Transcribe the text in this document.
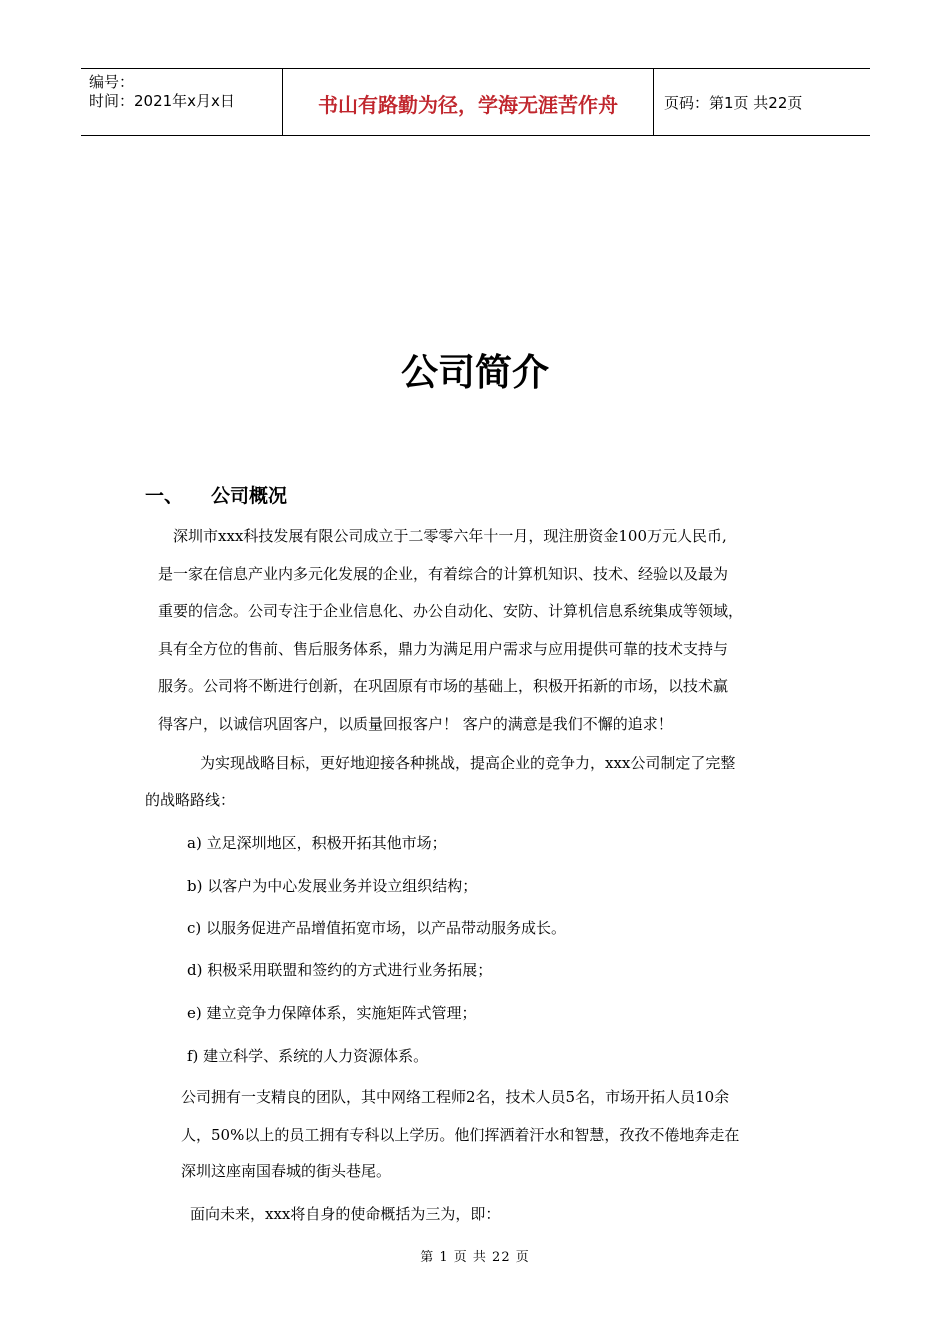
编号：
时间：2021年x月x日	书山有路勤为径，学海无涯苦作舟	页码：第1页 共22页
公司简介
一、	公司概况
深圳市xxx科技发展有限公司成立于二零零六年十一月，现注册资金100万元人民币,
是一家在信息产业内多元化发展的企业，有着综合的计算机知识、技术、经验以及最为
重要的信念。公司专注于企业信息化、办公自动化、安防、计算机信息系统集成等领域，
具有全方位的售前、售后服务体系，鼎力为满足用户需求与应用提供可靠的技术支持与
服务。公司将不断进行创新，在巩固原有市场的基础上，积极开拓新的市场，以技术赢
得客户，以诚信巩固客户，以质量回报客户！ 客户的满意是我们不懈的追求！
为实现战略目标，更好地迎接各种挑战，提高企业的竞争力，xxx公司制定了完整
的战略路线：
a) 立足深圳地区，积极开拓其他市场；
b) 以客户为中心发展业务并设立组织结构；
c) 以服务促进产品增值拓宽市场，以产品带动服务成长。
d) 积极采用联盟和签约的方式进行业务拓展；
e) 建立竞争力保障体系，实施矩阵式管理；
f) 建立科学、系统的人力资源体系。
公司拥有一支精良的团队，其中网络工程师2名，技术人员5名，市场开拓人员10余
人，50%以上的员工拥有专科以上学历。他们挥洒着汗水和智慧，孜孜不倦地奔走在
深圳这座南国春城的街头巷尾。
面向未来，xxx将自身的使命概括为三为，即：
第 1 页 共 22 页
